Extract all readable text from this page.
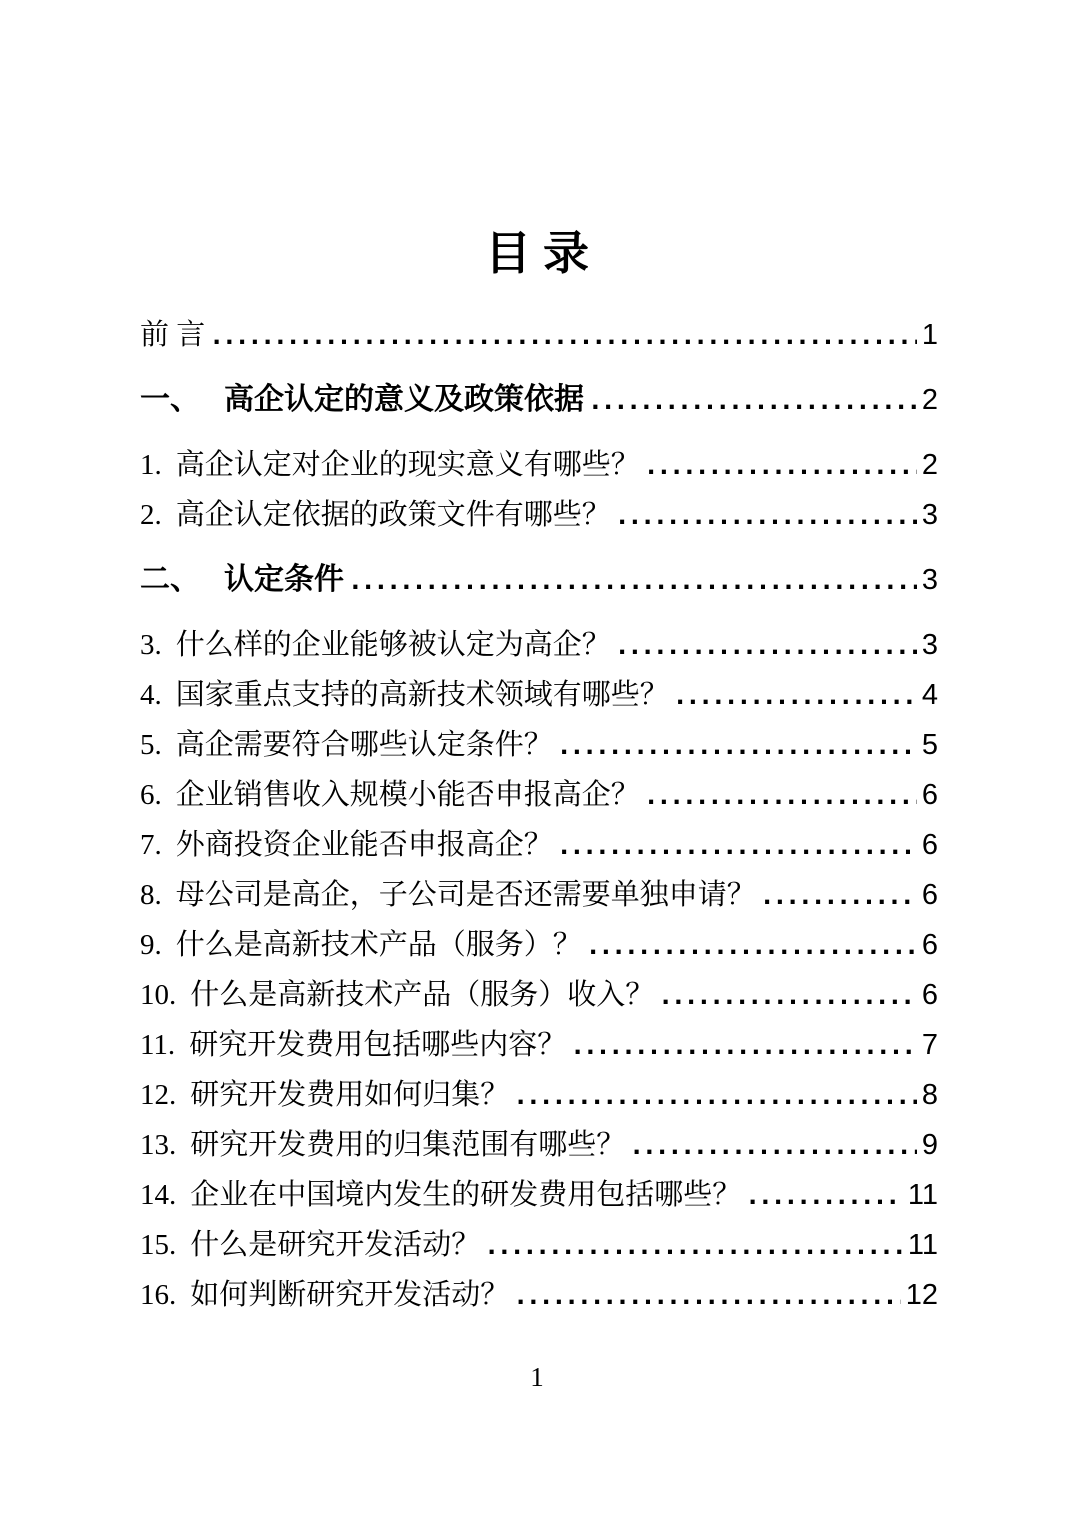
目录
前 言 .....	1
一、 高企认定的意义及政策依据 .....	2
1. 高企认定对企业的现实意义有哪些？ .....	2
2. 高企认定依据的政策文件有哪些？ .....	3
二、 认定条件 .....	3
3. 什么样的企业能够被认定为高企？ .....	3
4. 国家重点支持的高新技术领域有哪些？ .....	4
5. 高企需要符合哪些认定条件？ .....	5
6. 企业销售收入规模小能否申报高企？ .....	6
7. 外商投资企业能否申报高企？ .....	6
8. 母公司是高企，子公司是否还需要单独申请？ .....	6
9. 什么是高新技术产品（服务）？ .....	6
10. 什么是高新技术产品（服务）收入？ .....	6
11. 研究开发费用包括哪些内容？ .....	7
12. 研究开发费用如何归集？ .....	8
13. 研究开发费用的归集范围有哪些？ .....	9
14. 企业在中国境内发生的研发费用包括哪些？ .....	11
15. 什么是研究开发活动？ .....	11
16. 如何判断研究开发活动？ .....	12
1
